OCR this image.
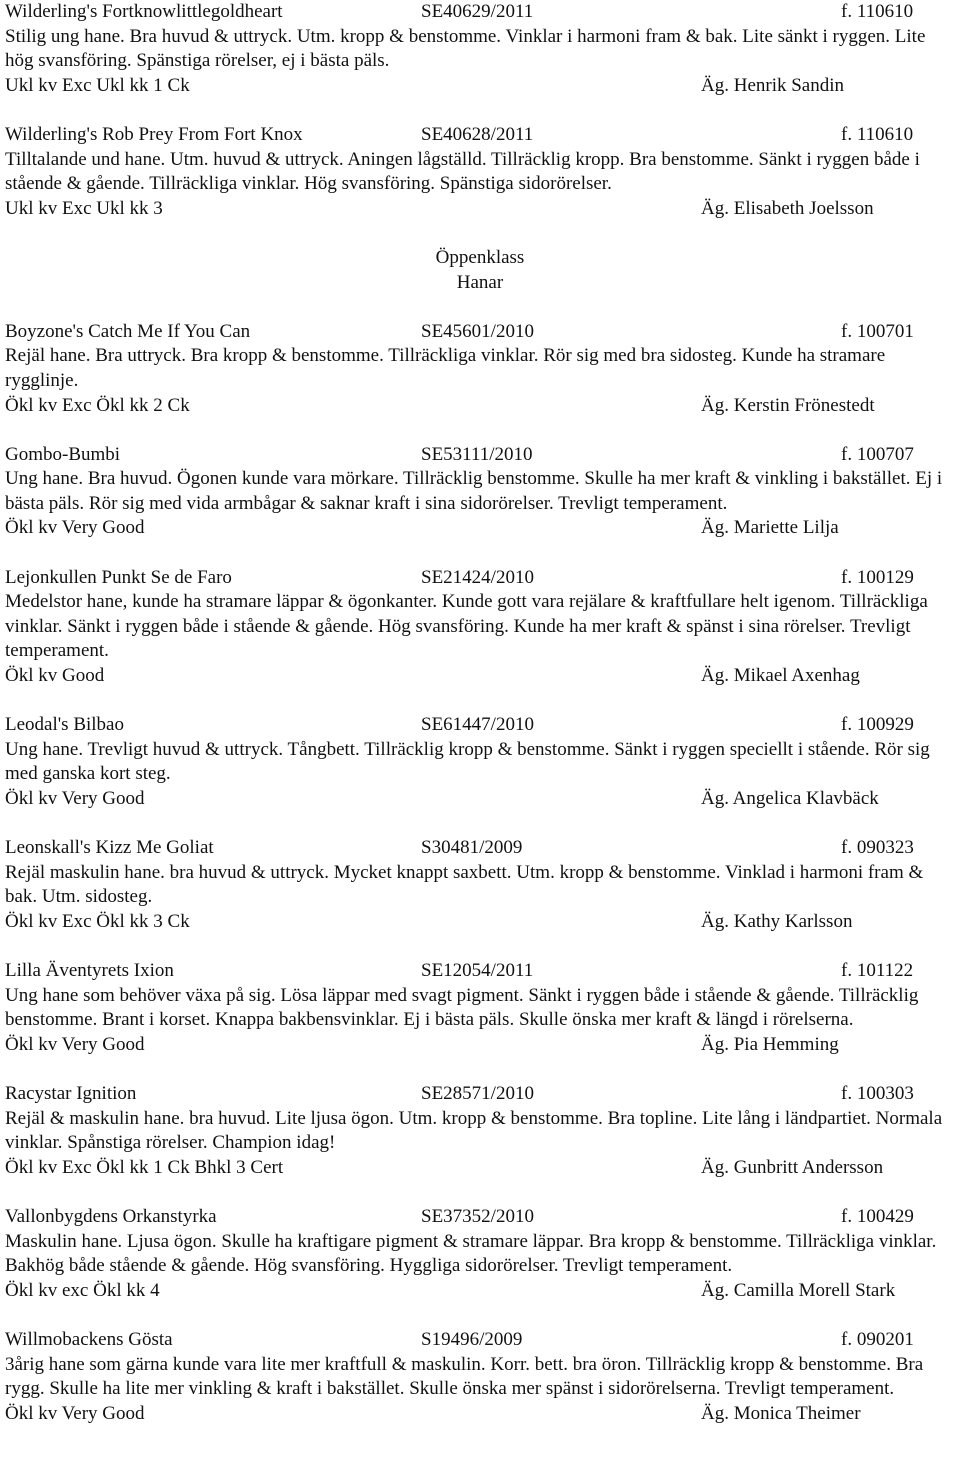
Wilderling's Fortknowlittlegoldheart	SE40629/2011	f. 110610
Stilig ung hane. Bra huvud & uttryck. Utm. kropp & benstomme. Vinklar i harmoni fram & bak. Lite sänkt i ryggen. Lite hög svansföring. Spänstiga rörelser, ej i bästa päls.
Ukl kv Exc Ukl kk 1 Ck	Äg. Henrik Sandin
Wilderling's Rob Prey From Fort Knox	SE40628/2011	f. 110610
Tilltalande und hane. Utm. huvud & uttryck. Aningen lågställd. Tillräcklig kropp. Bra benstomme. Sänkt i ryggen både i stående & gående. Tillräckliga vinklar. Hög svansföring. Spänstiga sidorörelser.
Ukl kv Exc Ukl kk 3	Äg. Elisabeth Joelsson
Öppenklass
Hanar
Boyzone's Catch Me If You Can	SE45601/2010	f. 100701
Rejäl hane. Bra uttryck. Bra kropp & benstomme. Tillräckliga vinklar. Rör sig med bra sidosteg. Kunde ha stramare rygglinje.
Ökl kv Exc Ökl kk 2 Ck	Äg. Kerstin Frönestedt
Gombo-Bumbi	SE53111/2010	f. 100707
Ung hane. Bra huvud. Ögonen kunde vara mörkare. Tillräcklig benstomme. Skulle ha mer kraft & vinkling i bakstället. Ej i bästa päls. Rör sig med vida armbågar & saknar kraft i sina sidorörelser. Trevligt temperament.
Ökl kv Very Good	Äg. Mariette Lilja
Lejonkullen Punkt Se de Faro	SE21424/2010	f. 100129
Medelstor hane, kunde ha stramare läppar & ögonkanter. Kunde gott vara rejälare & kraftfullare helt igenom. Tillräckliga vinklar. Sänkt i ryggen både i stående & gående. Hög svansföring. Kunde ha mer kraft & spänst i sina rörelser. Trevligt temperament.
Ökl kv Good	Äg. Mikael Axenhag
Leodal's Bilbao	SE61447/2010	f. 100929
Ung hane. Trevligt huvud & uttryck. Tångbett. Tillräcklig kropp & benstomme. Sänkt i ryggen speciellt i stående. Rör sig med ganska kort steg.
Ökl kv Very Good	Äg. Angelica Klavbäck
Leonskall's Kizz Me Goliat	S30481/2009	f. 090323
Rejäl maskulin hane. bra huvud & uttryck. Mycket knappt saxbett. Utm. kropp & benstomme. Vinklad i harmoni fram & bak. Utm. sidosteg.
Ökl kv Exc Ökl kk 3 Ck	Äg. Kathy Karlsson
Lilla Äventyrets Ixion	SE12054/2011	f. 101122
Ung hane som behöver växa på sig. Lösa läppar med svagt pigment. Sänkt i ryggen både i stående & gående. Tillräcklig benstomme. Brant i korset. Knappa bakbensvinklar. Ej i bästa päls. Skulle önska mer kraft & längd i rörelserna.
Ökl kv Very Good	Äg. Pia Hemming
Racystar Ignition	SE28571/2010	f. 100303
Rejäl & maskulin hane. bra huvud. Lite ljusa ögon. Utm. kropp & benstomme. Bra topline. Lite lång i ländpartiet. Normala vinklar. Spånstiga rörelser. Champion idag!
Ökl kv Exc Ökl kk 1 Ck Bhkl 3 Cert	Äg. Gunbritt Andersson
Vallonbygdens Orkanstyrka	SE37352/2010	f. 100429
Maskulin hane. Ljusa ögon. Skulle ha kraftigare pigment & stramare läppar. Bra kropp & benstomme. Tillräckliga vinklar. Bakhög både stående & gående. Hög svansföring. Hyggliga sidorörelser. Trevligt temperament.
Ökl kv exc Ökl kk 4	Äg. Camilla Morell Stark
Willmobackens Gösta	S19496/2009	f. 090201
3årig hane som gärna kunde vara lite mer kraftfull & maskulin. Korr. bett. bra öron. Tillräcklig kropp & benstomme. Bra rygg. Skulle ha lite mer vinkling & kraft i bakstället. Skulle önska mer spänst i sidorörelserna. Trevligt temperament.
Ökl kv Very Good	Äg. Monica Theimer
